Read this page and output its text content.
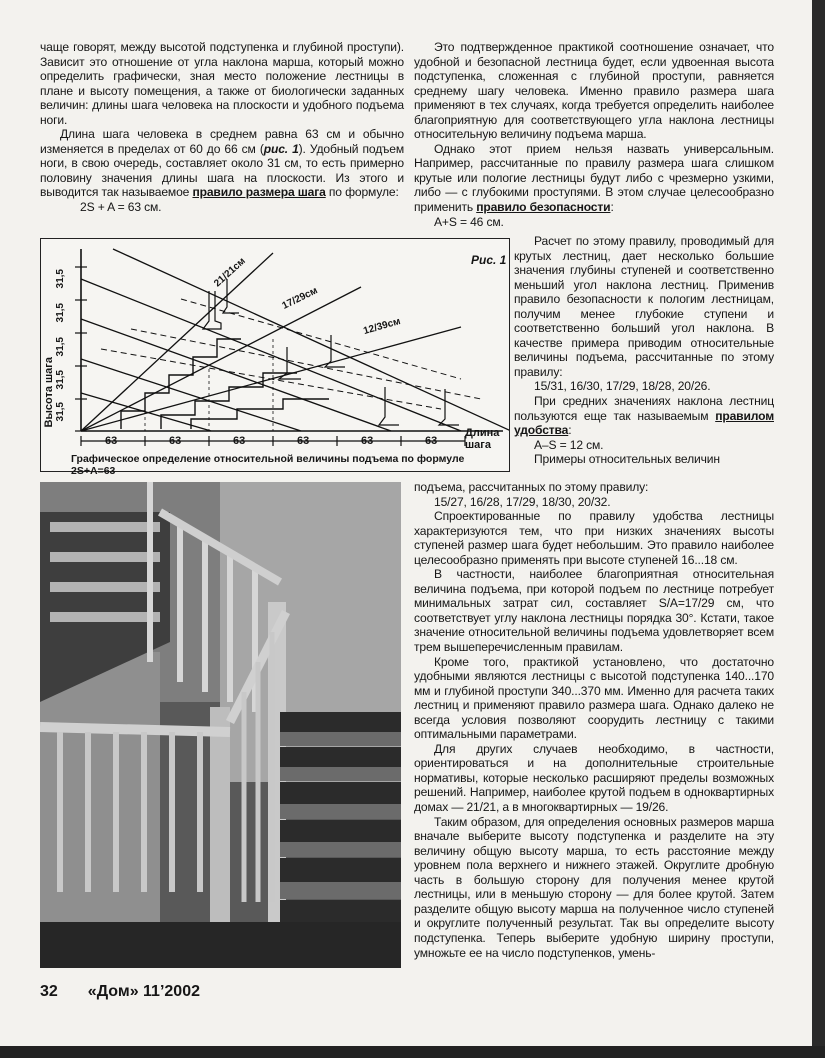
чаще говорят, между высотой подступенка и глубиной проступи). Зависит это отношение от угла наклона марша, который можно определить графически, зная место положение лестницы в плане и высоту помещения, а также от биологически заданных величин: длины шага человека на плоскости и удобного подъема ноги.

Длина шага человека в среднем равна 63 см и обычно изменяется в пределах от 60 до 66 см (рис. 1). Удобный подъем ноги, в свою очередь, составляет около 31 см, то есть примерно половину значения длины шага на плоскости. Из этого и выводится так называемое правило размера шага по формуле:

2S + A = 63 см.

Это подтвержденное практикой соотношение означает, что удобной и безопасной лестница будет, если удвоенная высота подступенка, сложенная с глубиной проступи, равняется среднему шагу человека. Именно правило размера шага применяют в тех случаях, когда требуется определить наиболее благоприятную для соответствующего угла наклона лестницы относительную величину подъема марша.

Однако этот прием нельзя назвать универсальным. Например, рассчитанные по правилу размера шага слишком крутые или пологие лестницы будут либо с чрезмерно узкими, либо — с глубокими проступями. В этом случае целесообразно применить правило безопасности:

A+S = 46 см.

Расчет по этому правилу, проводимый для крутых лестниц, дает несколько большие значения глубины ступеней и соответственно меньший угол наклона лестниц. Применив правило безопасности к пологим лестницам, получим менее глубокие ступени и соответственно больший угол наклона. В качестве примера приводим относительные величины подъема, рассчитанные по этому правилу:

15/31, 16/30, 17/29, 18/28, 20/26.

При средних значениях наклона лестниц пользуются еще так называемым правилом удобства:

A–S = 12 см.

Примеры относительных величин

подъема, рассчитанных по этому правилу:

15/27, 16/28, 17/29, 18/30, 20/32.

Спроектированные по правилу удобства лестницы характеризуются тем, что при низких значениях высоты ступеней размер шага будет небольшим. Это правило наиболее целесообразно применять при высоте ступеней 16...18 см.

В частности, наиболее благоприятная относительная величина подъема, при которой подъем по лестнице потребует минимальных затрат сил, составляет S/A=17/29 см, что соответствует углу наклона лестницы порядка 30°. Кстати, такое значение относительной величины подъема удовлетворяет всем трем вышеперечисленным правилам.

Кроме того, практикой установлено, что достаточно удобными являются лестницы с высотой подступенка 140...170 мм и глубиной проступи 340...370 мм. Именно для расчета таких лестниц и применяют правило размера шага. Однако далеко не всегда условия позволяют соорудить лестницу с такими оптимальными параметрами.

Для других случаев необходимо, в частности, ориентироваться и на дополнительные строительные нормативы, которые несколько расширяют пределы возможных решений. Например, наиболее крутой подъем в одноквартирных домах — 21/21, а в многоквартирных — 19/26.

Таким образом, для определения основных размеров марша вначале выберите высоту подступенка и разделите на эту величину общую высоту марша, то есть расстояние между уровнем пола верхнего и нижнего этажей. Округлите дробную часть в большую сторону для получения менее крутой лестницы, или в меньшую сторону — для более крутой. Затем разделите общую высоту марша на полученное число ступеней и округлите полученный результат. Так вы определите высоту подступенка. Теперь выберите удобную ширину проступи, умножьте ее на число подступенков, умень-

Высота шага
31,5
31,5
31,5
31,5
31,5
63	63	63	63	63	63
Длина шага
21/21см
17/29см
12/39см
Рис. 1
Графическое определение относительной величины подъема по формуле 2S+A=63
32 «Дом» 11’2002
